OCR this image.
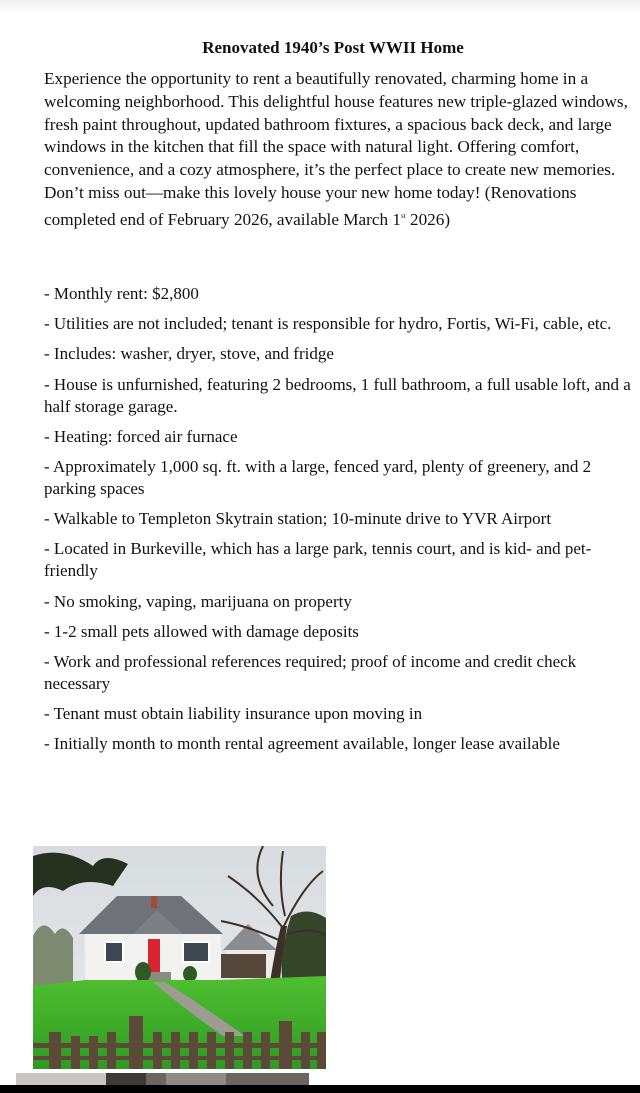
Renovated 1940’s Post WWII Home

Experience the opportunity to rent a beautifully renovated, charming home in a welcoming neighborhood. This delightful house features new triple-glazed windows, fresh paint throughout, updated bathroom fixtures, a spacious back deck, and large windows in the kitchen that fill the space with natural light. Offering comfort, convenience, and a cozy atmosphere, it’s the perfect place to create new memories. Don’t miss out—make this lovely house your new home today! (Renovations completed end of February 2026, available March 1st 2026)

- Monthly rent: $2,800
- Utilities are not included; tenant is responsible for hydro, Fortis, Wi-Fi, cable, etc.
- Includes: washer, dryer, stove, and fridge
- House is unfurnished, featuring 2 bedrooms, 1 full bathroom, a full usable loft, and a half storage garage.
- Heating: forced air furnace
- Approximately 1,000 sq. ft. with a large, fenced yard, plenty of greenery, and 2 parking spaces
- Walkable to Templeton Skytrain station; 10-minute drive to YVR Airport
- Located in Burkeville, which has a large park, tennis court, and is kid- and pet-friendly
- No smoking, vaping, marijuana on property
- 1-2 small pets allowed with damage deposits
- Work and professional references required; proof of income and credit check necessary
- Tenant must obtain liability insurance upon moving in
- Initially month to month rental agreement available, longer lease available
